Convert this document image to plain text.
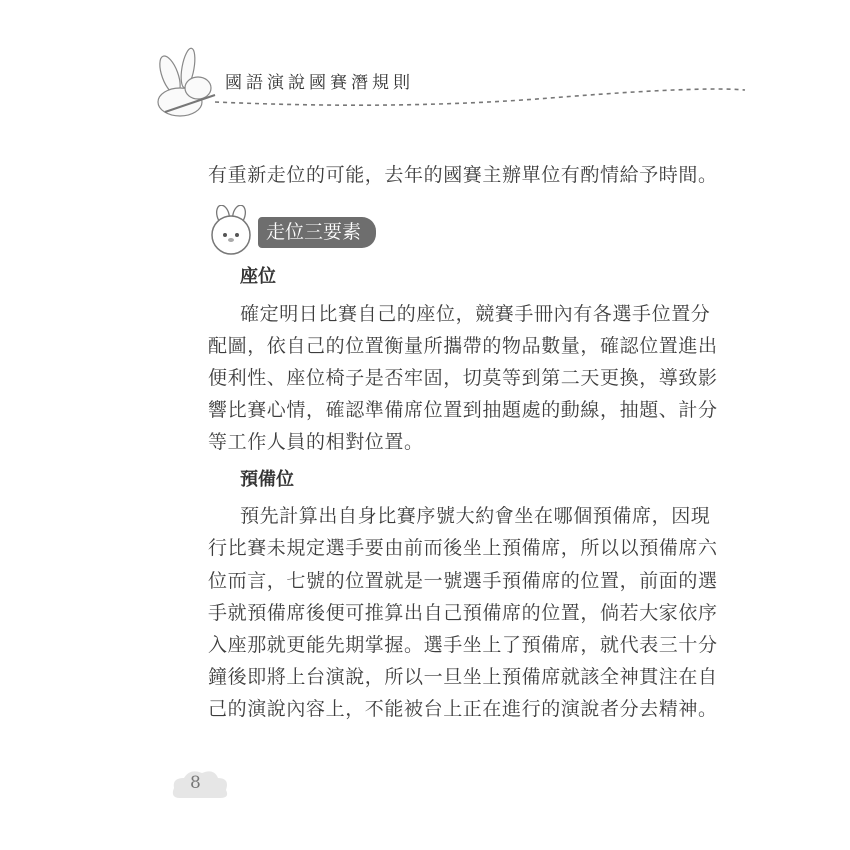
國語演說國賽潛規則
有重新走位的可能，去年的國賽主辦單位有酌情給予時間。
走位三要素
座位
確定明日比賽自己的座位，競賽手冊內有各選手位置分
配圖，依自己的位置衡量所攜帶的物品數量，確認位置進出
便利性、座位椅子是否牢固，切莫等到第二天更換，導致影
響比賽心情，確認準備席位置到抽題處的動線，抽題、計分
等工作人員的相對位置。
預備位
預先計算出自身比賽序號大約會坐在哪個預備席，因現
行比賽未規定選手要由前而後坐上預備席，所以以預備席六
位而言，七號的位置就是一號選手預備席的位置，前面的選
手就預備席後便可推算出自己預備席的位置，倘若大家依序
入座那就更能先期掌握。選手坐上了預備席，就代表三十分
鐘後即將上台演說，所以一旦坐上預備席就該全神貫注在自
己的演說內容上，不能被台上正在進行的演說者分去精神。
8
